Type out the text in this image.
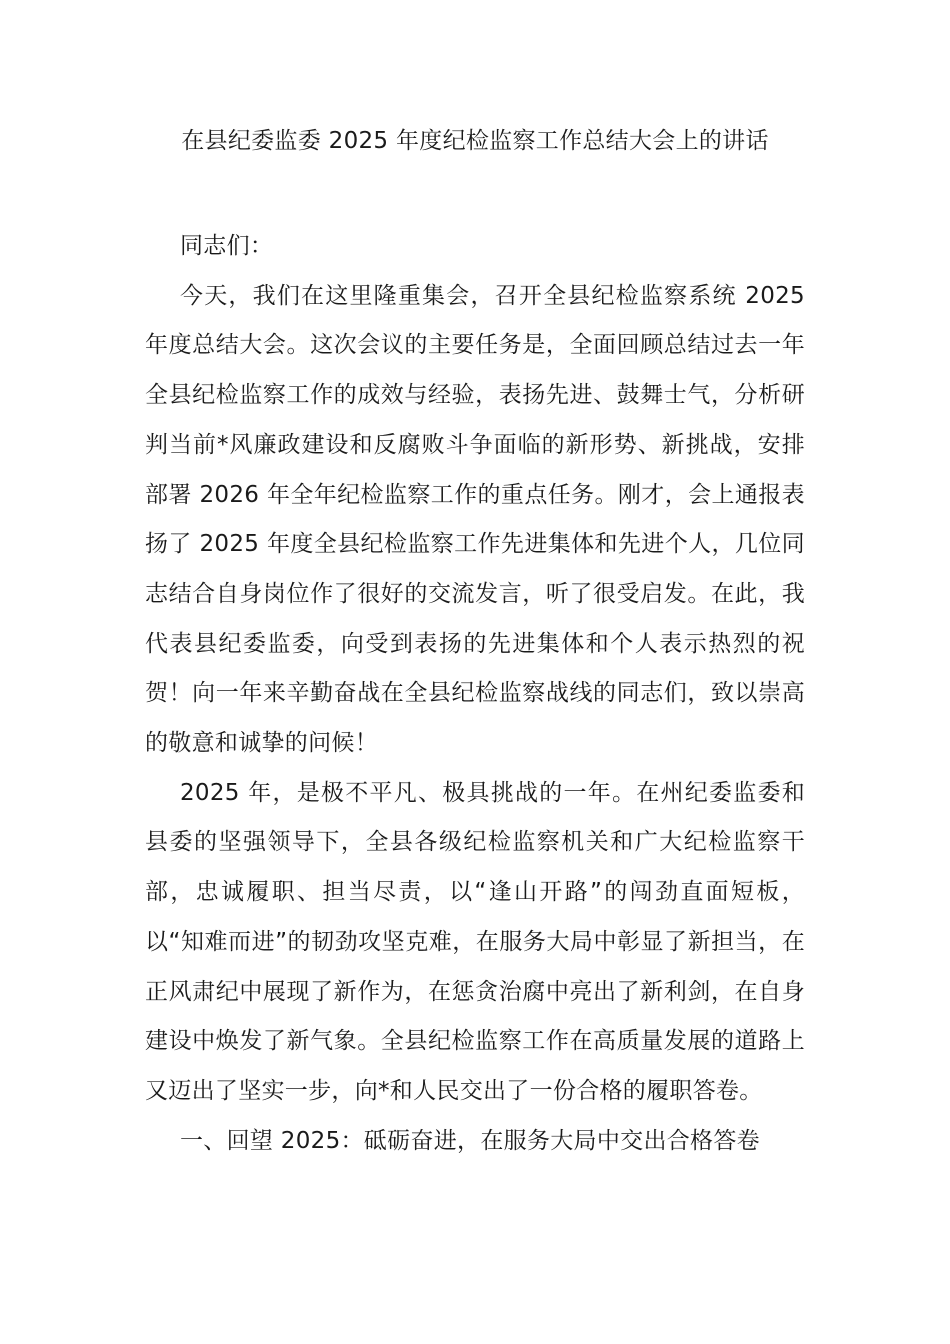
在县纪委监委 2025 年度纪检监察工作总结大会上的讲话

同志们：

今天，我们在这里隆重集会，召开全县纪检监察系统 2025 年度总结大会。这次会议的主要任务是，全面回顾总结过去一年全县纪检监察工作的成效与经验，表扬先进、鼓舞士气，分析研判当前*风廉政建设和反腐败斗争面临的新形势、新挑战，安排部署 2026 年全年纪检监察工作的重点任务。刚才，会上通报表扬了 2025 年度全县纪检监察工作先进集体和先进个人，几位同志结合自身岗位作了很好的交流发言，听了很受启发。在此，我代表县纪委监委，向受到表扬的先进集体和个人表示热烈的祝贺！向一年来辛勤奋战在全县纪检监察战线的同志们，致以崇高的敬意和诚挚的问候！

2025 年，是极不平凡、极具挑战的一年。在州纪委监委和县委的坚强领导下，全县各级纪检监察机关和广大纪检监察干部，忠诚履职、担当尽责，以“逢山开路”的闯劲直面短板，以“知难而进”的韧劲攻坚克难，在服务大局中彰显了新担当，在正风肃纪中展现了新作为，在惩贪治腐中亮出了新利剑，在自身建设中焕发了新气象。全县纪检监察工作在高质量发展的道路上又迈出了坚实一步，向*和人民交出了一份合格的履职答卷。

一、回望 2025：砥砺奋进，在服务大局中交出合格答卷
